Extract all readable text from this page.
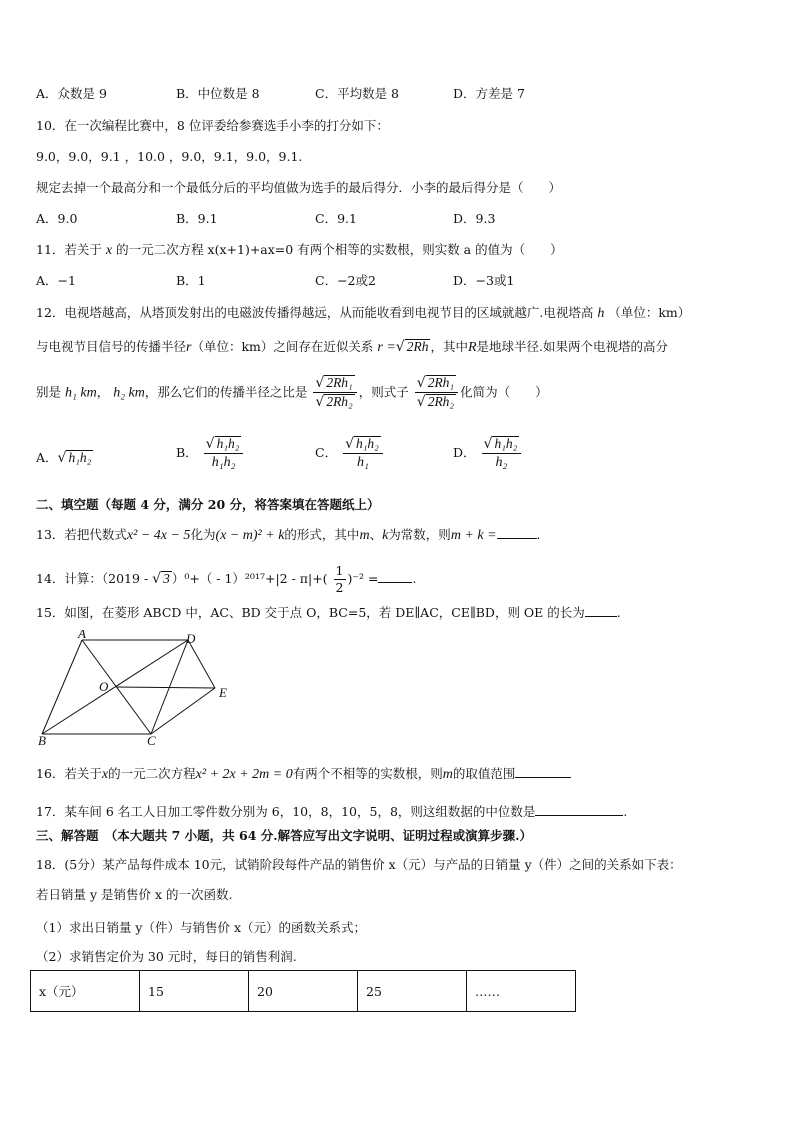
A．众数是 9	B．中位数是 8	C．平均数是 8	D．方差是 7
10．在一次编程比赛中，8 位评委给参赛选手小李的打分如下：
9.0，9.0，9.1 ，10.0 ，9.0，9.1，9.0，9.1.
规定去掉一个最高分和一个最低分后的平均值做为选手的最后得分．小李的最后得分是（　　）
A．9.0	B．9.1	C．9.1	D．9.3
11．若关于 x 的一元二次方程 x(x+1)+ax=0 有两个相等的实数根，则实数 a 的值为（　　）
A．−1	B．1	C．−2或2	D．−3或1
12．电视塔越高，从塔顶发射出的电磁波传播得越远，从而能收看到电视节目的区域就越广.电视塔高 h （单位：km）
与电视节目信号的传播半径r（单位：km）之间存在近似关系 r =√ 2Rh ，其中R是地球半径.如果两个电视塔的高分
别是 h₁ km， h₂ km，那么它们的传播半径之比是 $\frac{\text{√ 2Rh₁}}{\text{√ 2Rh₂}}$ ，则式子 $\frac{\text{√ 2Rh₁}}{\text{√ 2Rh₂}}$ 化简为（　　）
A．√ h₁h₂	B． $\frac{\text{√ h₁h₂}}{\text{h₁h₂}}$	C． $\frac{\text{√ h₁h₂}}{\text{h₁}}$	D． $\frac{\text{√ h₁h₂}}{\text{h₂}}$
二、填空题（每题 4 分，满分 20 分，将答案填在答题纸上）
13．若把代数式x² − 4x − 5化为(x − m)² + k的形式，其中m、k为常数，则m + k =	.
14．计算：（2019 - √ 3 ）$^0+( - 1)^{2017}+|2 - \pi|+( \frac{1}{2} )^{-2}$ =	.
15．如图，在菱形 ABCD 中，AC、BD 交于点 O，BC=5，若 DE∥AC，CE∥BD，则 OE 的长为	.
A	D
O	E
B	C
16．若关于x的一元二次方程x² + 2x + 2m = 0有两个不相等的实数根，则m的取值范围
17．某车间 6 名工人日加工零件数分别为 6，10，8，10，5，8，则这组数据的中位数是	.
三、解答题　（本大题共 7 小题，共 64 分.解答应写出文字说明、证明过程或演算步骤.）
18．(5分）某产品每件成本 10元，试销阶段每件产品的销售价 x（元）与产品的日销量 y（件）之间的关系如下表：
若日销量 y 是销售价 x 的一次函数.
（1）求出日销量 y（件）与销售价 x（元）的函数关系式；
（2）求销售定价为 30 元时，每日的销售利润.
x（元）	15	20	25	……
